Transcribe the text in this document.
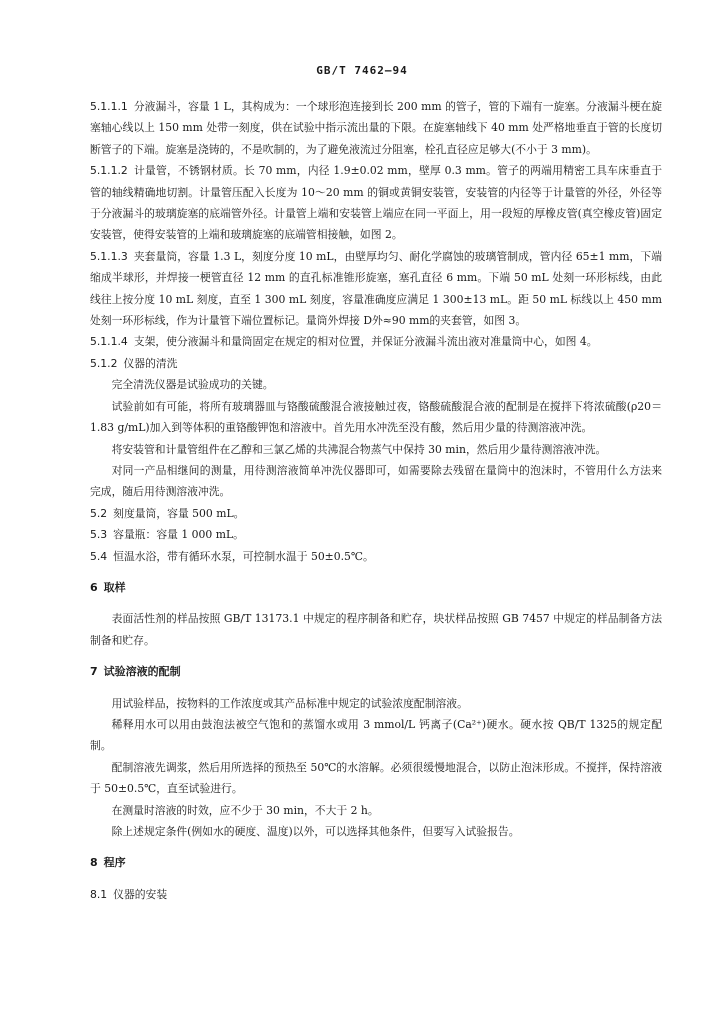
GB/T 7462—94

5.1.1.1 分液漏斗，容量 1 L，其构成为：一个球形泡连接到长 200 mm 的管子，管的下端有一旋塞。分液漏斗梗在旋塞轴心线以上 150 mm 处带一刻度，供在试验中指示流出量的下限。在旋塞轴线下 40 mm 处严格地垂直于管的长度切断管子的下端。旋塞是浇铸的，不是吹制的，为了避免液流过分阻塞，栓孔直径应足够大(不小于 3 mm)。

5.1.1.2 计量管，不锈钢材质。长 70 mm，内径 1.9±0.02 mm，壁厚 0.3 mm。管子的两端用精密工具车床垂直于管的轴线精确地切割。计量管压配入长度为 10～20 mm 的铜或黄铜安装管，安装管的内径等于计量管的外径，外径等于分液漏斗的玻璃旋塞的底端管外径。计量管上端和安装管上端应在同一平面上，用一段短的厚橡皮管(真空橡皮管)固定安装管，使得安装管的上端和玻璃旋塞的底端管相接触，如图 2。

5.1.1.3 夹套量筒，容量 1.3 L，刻度分度 10 mL，由壁厚均匀、耐化学腐蚀的玻璃管制成，管内径 65±1 mm，下端缩成半球形，并焊接一梗管直径 12 mm 的直孔标准锥形旋塞，塞孔直径 6 mm。下端 50 mL 处刻一环形标线，由此线往上按分度 10 mL 刻度，直至 1 300 mL 刻度，容量准确度应满足 1 300±13 mL。距 50 mL 标线以上 450 mm 处刻一环形标线，作为计量管下端位置标记。量筒外焊接 D外≈90 mm的夹套管，如图 3。

5.1.1.4 支架，使分液漏斗和量筒固定在规定的相对位置，并保证分液漏斗流出液对准量筒中心，如图 4。

5.1.2 仪器的清洗

完全清洗仪器是试验成功的关键。

试验前如有可能，将所有玻璃器皿与铬酸硫酸混合液接触过夜，铬酸硫酸混合液的配制是在搅拌下将浓硫酸(ρ20＝1.83 g/mL)加入到等体积的重铬酸钾饱和溶液中。首先用水冲洗至没有酸，然后用少量的待测溶液冲洗。

将安装管和计量管组件在乙醇和三氯乙烯的共沸混合物蒸气中保持 30 min，然后用少量待测溶液冲洗。

对同一产品相继间的测量，用待测溶液简单冲洗仪器即可，如需要除去残留在量筒中的泡沫时，不管用什么方法来完成，随后用待测溶液冲洗。

5.2 刻度量筒，容量 500 mL。

5.3 容量瓶：容量 1 000 mL。

5.4 恒温水浴，带有循环水泵，可控制水温于 50±0.5℃。

6 取样

表面活性剂的样品按照 GB/T 13173.1 中规定的程序制备和贮存，块状样品按照 GB 7457 中规定的样品制备方法制备和贮存。

7 试验溶液的配制

用试验样品，按物料的工作浓度或其产品标准中规定的试验浓度配制溶液。

稀释用水可以用由鼓泡法被空气饱和的蒸馏水或用 3 mmol/L 钙离子(Ca²⁺)硬水。硬水按 QB/T 1325的规定配制。

配制溶液先调浆，然后用所选择的预热至 50℃的水溶解。必须很缓慢地混合，以防止泡沫形成。不搅拌，保持溶液于 50±0.5℃，直至试验进行。

在测量时溶液的时效，应不少于 30 min，不大于 2 h。

除上述规定条件(例如水的硬度、温度)以外，可以选择其他条件，但要写入试验报告。

8 程序

8.1 仪器的安装
